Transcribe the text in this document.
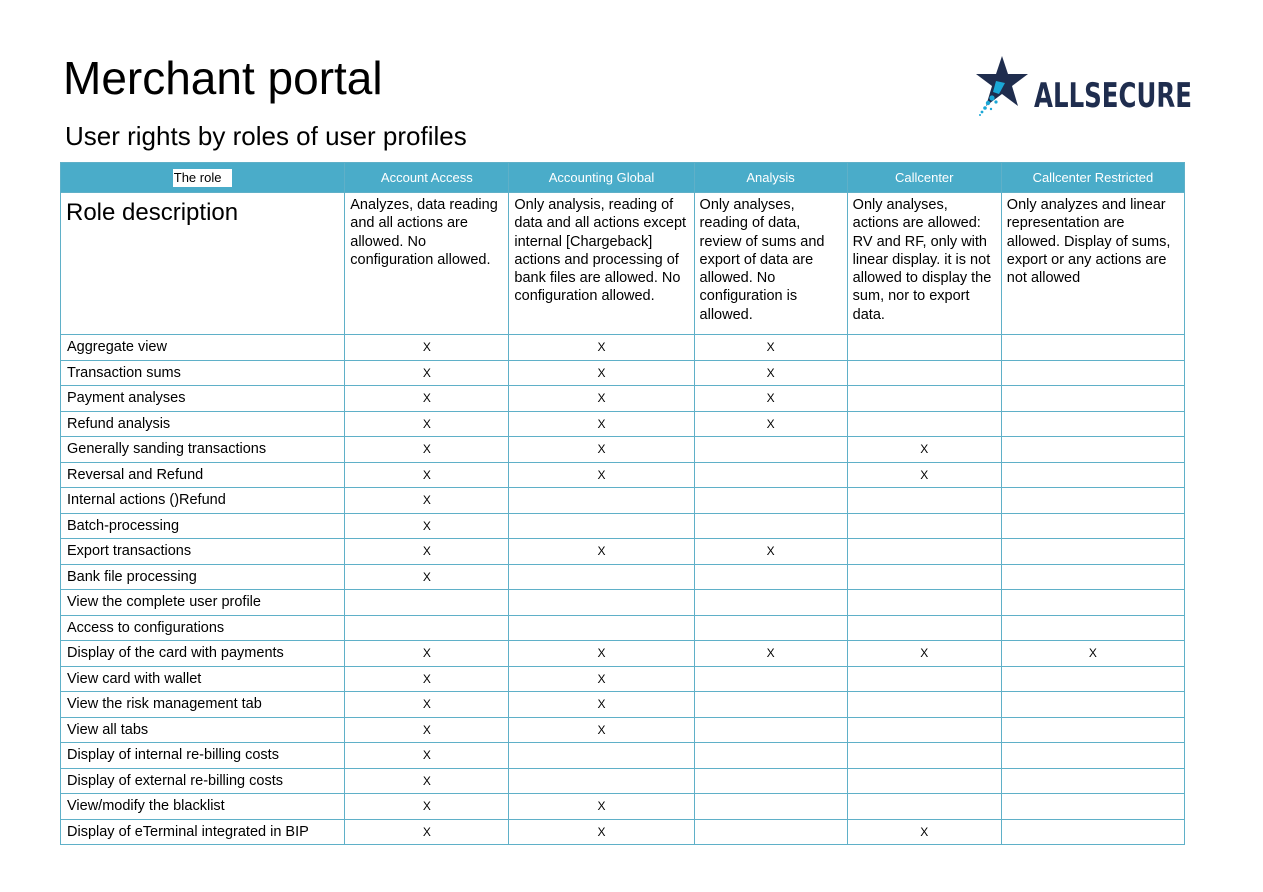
Merchant portal
User rights by roles of user profiles
ALLSECURE
The role	Account Access	Accounting Global	Analysis	Callcenter	Callcenter Restricted

Role description	Analyzes, data reading and all actions are allowed. No configuration allowed.	Only analysis, reading of data and all actions except internal [Chargeback] actions and processing of bank files are allowed. No configuration allowed.	Only analyses, reading of data, review of sums and export of data are allowed. No configuration is allowed.	Only analyses, actions are allowed: RV and RF, only with linear display. it is not allowed to display the sum, nor to export data.	Only analyzes and linear representation are allowed. Display of sums, export or any actions are not allowed
Aggregate view	X	X	X		
Transaction sums	X	X	X		
Payment analyses	X	X	X		
Refund analysis	X	X	X		
Generally sanding transactions	X	X		X	
Reversal and Refund	X	X		X	
Internal actions ()Refund	X				
Batch-processing	X				
Export transactions	X	X	X		
Bank file processing	X				
View the complete user profile					
Access to configurations					
Display of the card with payments	X	X	X	X	X
View card with wallet	X	X			
View the risk management tab	X	X			
View all tabs	X	X			
Display of internal re-billing costs	X				
Display of external re-billing costs	X				
View/modify the blacklist	X	X			
Display of eTerminal integrated in BIP	X	X		X	
